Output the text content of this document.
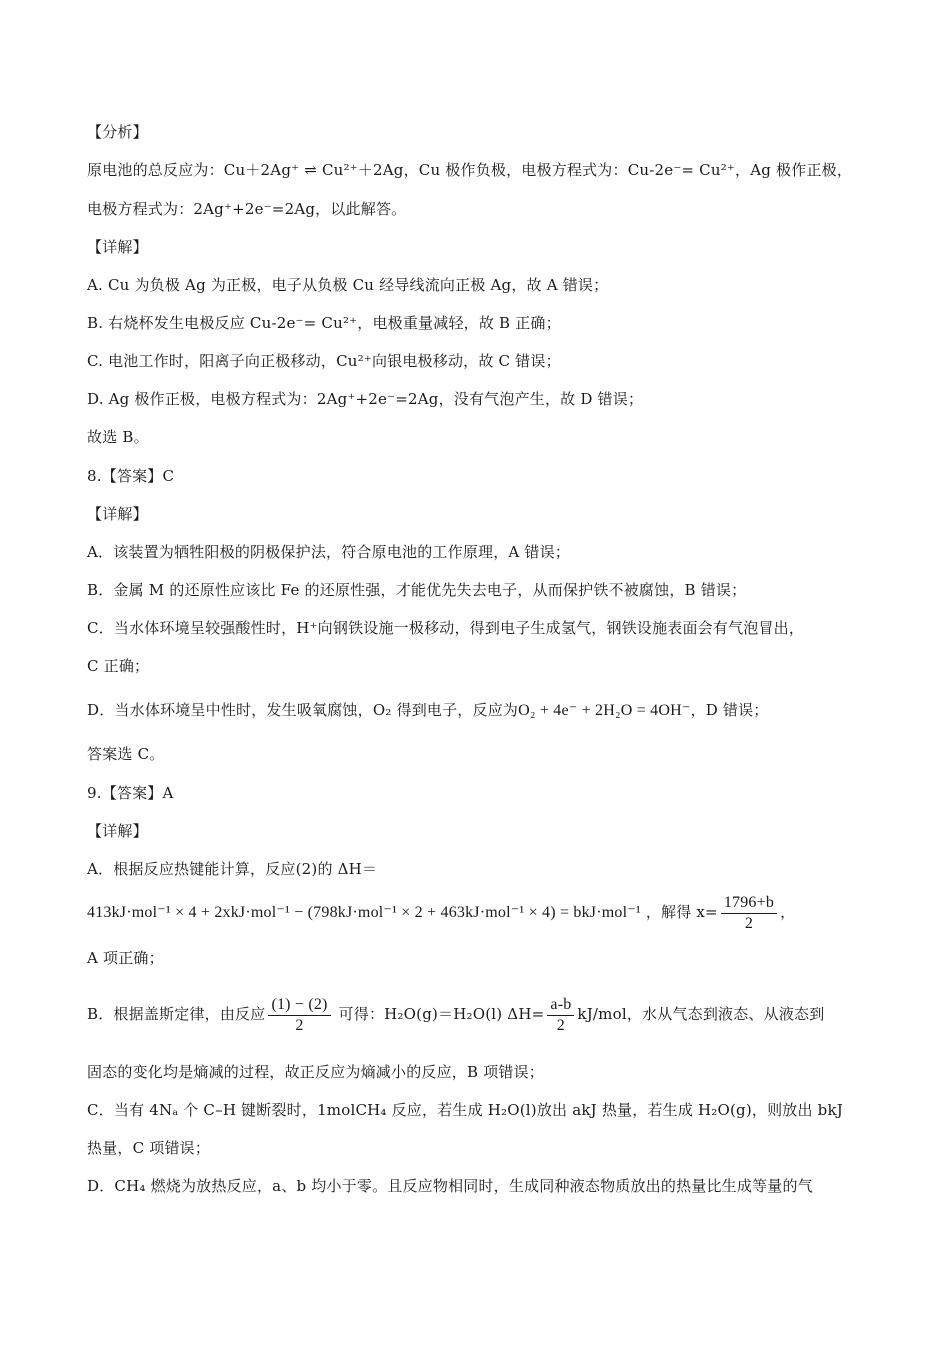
【分析】
原电池的总反应为：Cu＋2Ag⁺ ⇌ Cu²⁺＋2Ag，Cu 极作负极，电极方程式为：Cu-2e⁻= Cu²⁺，Ag 极作正极，
电极方程式为：2Ag⁺+2e⁻=2Ag，以此解答。
【详解】
A. Cu 为负极 Ag 为正极，电子从负极 Cu 经导线流向正极 Ag，故 A 错误；
B. 右烧杯发生电极反应 Cu-2e⁻= Cu²⁺，电极重量减轻，故 B 正确；
C. 电池工作时，阳离子向正极移动，Cu²⁺向银电极移动，故 C 错误；
D. Ag 极作正极，电极方程式为：2Ag⁺+2e⁻=2Ag，没有气泡产生，故 D 错误；
故选 B。
8.【答案】C
【详解】
A．该装置为牺牲阳极的阴极保护法，符合原电池的工作原理，A 错误；
B．金属 M 的还原性应该比 Fe 的还原性强，才能优先失去电子，从而保护铁不被腐蚀，B 错误；
C．当水体环境呈较强酸性时，H⁺向钢铁设施一极移动，得到电子生成氢气，钢铁设施表面会有气泡冒出，
C 正确；
D．当水体环境呈中性时，发生吸氧腐蚀，O₂ 得到电子，反应为O₂ + 4e⁻ + 2H₂O = 4OH⁻，D 错误；
答案选 C。
9.【答案】A
【详解】
A．根据反应热键能计算，反应(2)的 ΔH＝
413kJ·mol⁻¹ × 4 + 2xkJ·mol⁻¹ − (798kJ·mol⁻¹ × 2 + 463kJ·mol⁻¹ × 4) = bkJ·mol⁻¹ ，解得 $x= \frac{1796+b}{2}$ ，
A 项正确；
B．根据盖斯定律，由反应 $\frac{(1) - (2)}{2}$ 可得：H₂O(g)＝H₂O(l) $\Delta H= \frac{a-b}{2} kJ/mol$，水从气态到液态、从液态到
固态的变化均是熵减的过程，故正反应为熵减小的反应，B 项错误；
C．当有 4Nₐ 个 C–H 键断裂时，1molCH₄ 反应，若生成 H₂O(l)放出 akJ 热量，若生成 H₂O(g)，则放出 bkJ
热量，C 项错误；
D．CH₄ 燃烧为放热反应，a、b 均小于零。且反应物相同时，生成同种液态物质放出的热量比生成等量的气
